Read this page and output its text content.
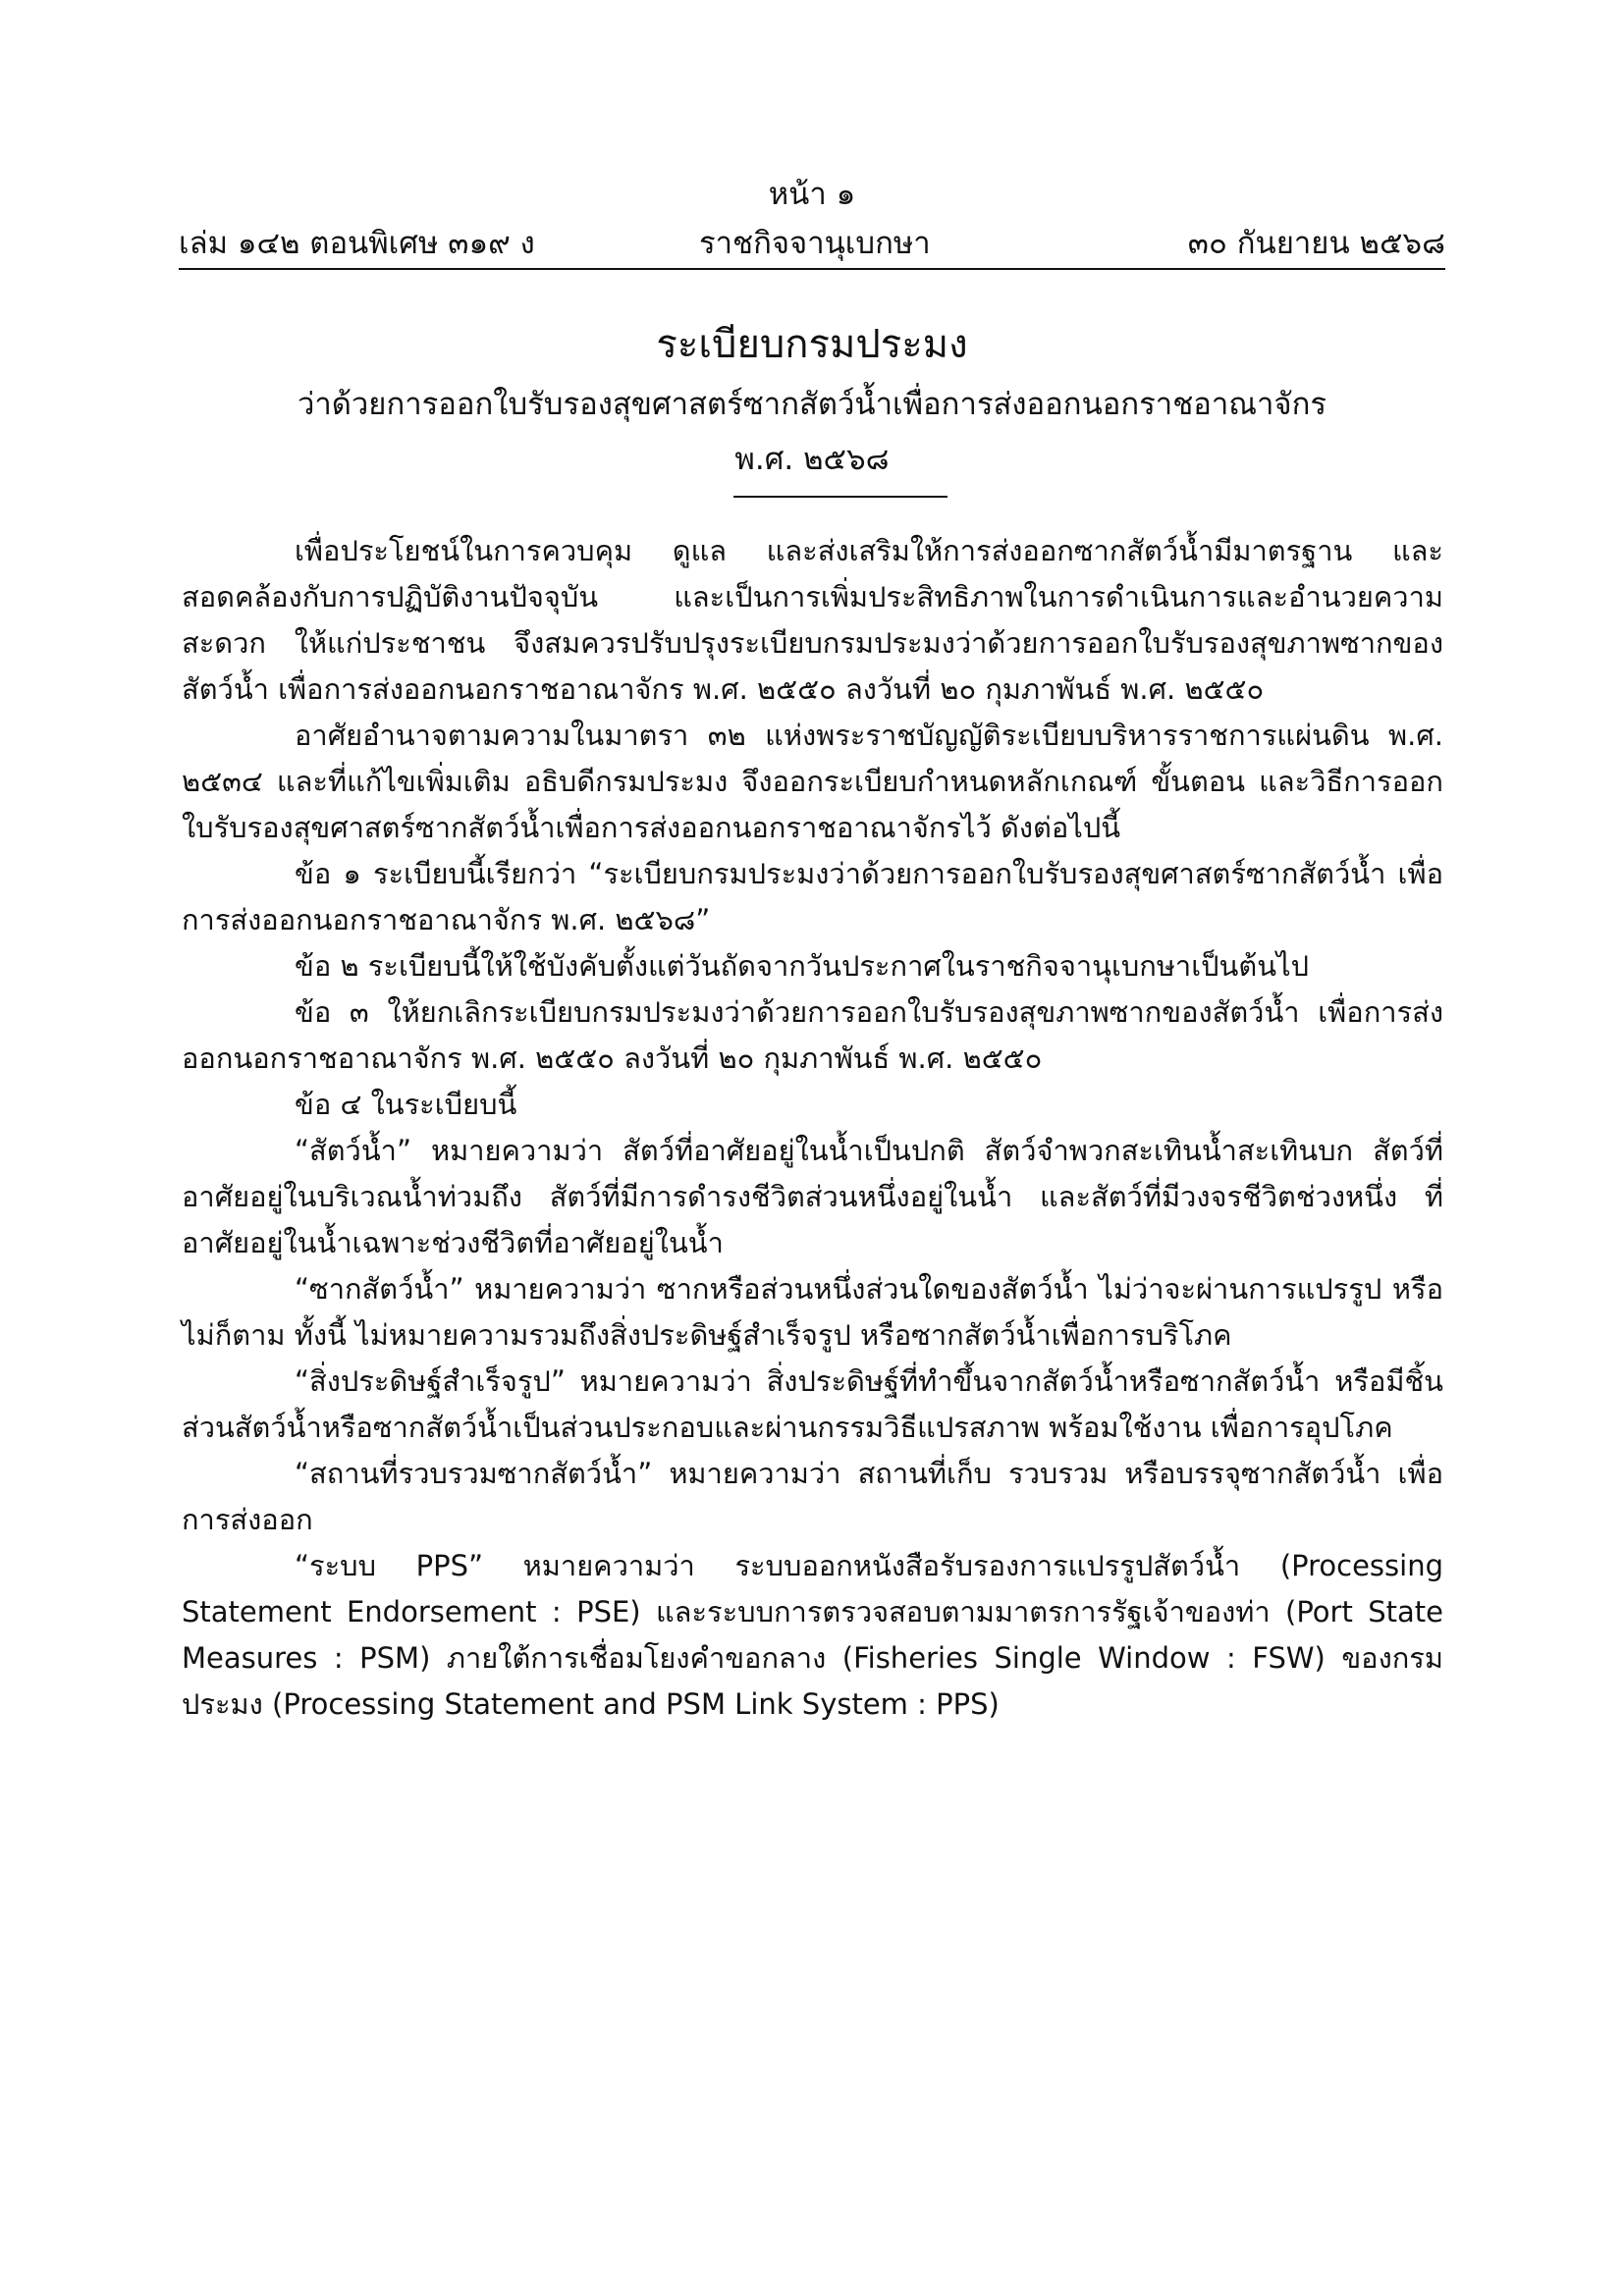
หน้า ๑
เล่ม ๑๔๒ ตอนพิเศษ ๓๑๙ ง	ราชกิจจานุเบกษา	๓๐ กันยายน ๒๕๖๘
ระเบียบกรมประมง
ว่าด้วยการออกใบรับรองสุขศาสตร์ซากสัตว์น้ำเพื่อการส่งออกนอกราชอาณาจักร
พ.ศ. ๒๕๖๘

เพื่อประโยชน์ในการควบคุม ดูแล และส่งเสริมให้การส่งออกซากสัตว์น้ำมีมาตรฐาน และสอดคล้องกับการปฏิบัติงานปัจจุบัน และเป็นการเพิ่มประสิทธิภาพในการดำเนินการและอำนวยความสะดวก ให้แก่ประชาชน จึงสมควรปรับปรุงระเบียบกรมประมงว่าด้วยการออกใบรับรองสุขภาพซากของสัตว์น้ำ เพื่อการส่งออกนอกราชอาณาจักร พ.ศ. ๒๕๕๐ ลงวันที่ ๒๐ กุมภาพันธ์ พ.ศ. ๒๕๕๐

อาศัยอำนาจตามความในมาตรา ๓๒ แห่งพระราชบัญญัติระเบียบบริหารราชการแผ่นดิน พ.ศ. ๒๕๓๔ และที่แก้ไขเพิ่มเติม อธิบดีกรมประมง จึงออกระเบียบกำหนดหลักเกณฑ์ ขั้นตอน และวิธีการออกใบรับรองสุขศาสตร์ซากสัตว์น้ำเพื่อการส่งออกนอกราชอาณาจักรไว้ ดังต่อไปนี้

ข้อ ๑ ระเบียบนี้เรียกว่า “ระเบียบกรมประมงว่าด้วยการออกใบรับรองสุขศาสตร์ซากสัตว์น้ำ เพื่อการส่งออกนอกราชอาณาจักร พ.ศ. ๒๕๖๘”

ข้อ ๒ ระเบียบนี้ให้ใช้บังคับตั้งแต่วันถัดจากวันประกาศในราชกิจจานุเบกษาเป็นต้นไป

ข้อ ๓ ให้ยกเลิกระเบียบกรมประมงว่าด้วยการออกใบรับรองสุขภาพซากของสัตว์น้ำ เพื่อการส่งออกนอกราชอาณาจักร พ.ศ. ๒๕๕๐ ลงวันที่ ๒๐ กุมภาพันธ์ พ.ศ. ๒๕๕๐

ข้อ ๔ ในระเบียบนี้

“สัตว์น้ำ” หมายความว่า สัตว์ที่อาศัยอยู่ในน้ำเป็นปกติ สัตว์จำพวกสะเทินน้ำสะเทินบก สัตว์ที่อาศัยอยู่ในบริเวณน้ำท่วมถึง สัตว์ที่มีการดำรงชีวิตส่วนหนึ่งอยู่ในน้ำ และสัตว์ที่มีวงจรชีวิตช่วงหนึ่ง ที่อาศัยอยู่ในน้ำเฉพาะช่วงชีวิตที่อาศัยอยู่ในน้ำ

“ซากสัตว์น้ำ” หมายความว่า ซากหรือส่วนหนึ่งส่วนใดของสัตว์น้ำ ไม่ว่าจะผ่านการแปรรูป หรือไม่ก็ตาม ทั้งนี้ ไม่หมายความรวมถึงสิ่งประดิษฐ์สำเร็จรูป หรือซากสัตว์น้ำเพื่อการบริโภค

“สิ่งประดิษฐ์สำเร็จรูป” หมายความว่า สิ่งประดิษฐ์ที่ทำขึ้นจากสัตว์น้ำหรือซากสัตว์น้ำ หรือมีชิ้นส่วนสัตว์น้ำหรือซากสัตว์น้ำเป็นส่วนประกอบและผ่านกรรมวิธีแปรสภาพ พร้อมใช้งาน เพื่อการอุปโภค

“สถานที่รวบรวมซากสัตว์น้ำ” หมายความว่า สถานที่เก็บ รวบรวม หรือบรรจุซากสัตว์น้ำ เพื่อการส่งออก

“ระบบ PPS” หมายความว่า ระบบออกหนังสือรับรองการแปรรูปสัตว์น้ำ (Processing Statement Endorsement : PSE) และระบบการตรวจสอบตามมาตรการรัฐเจ้าของท่า (Port State Measures : PSM) ภายใต้การเชื่อมโยงคำขอกลาง (Fisheries Single Window : FSW) ของกรมประมง (Processing Statement and PSM Link System : PPS)
